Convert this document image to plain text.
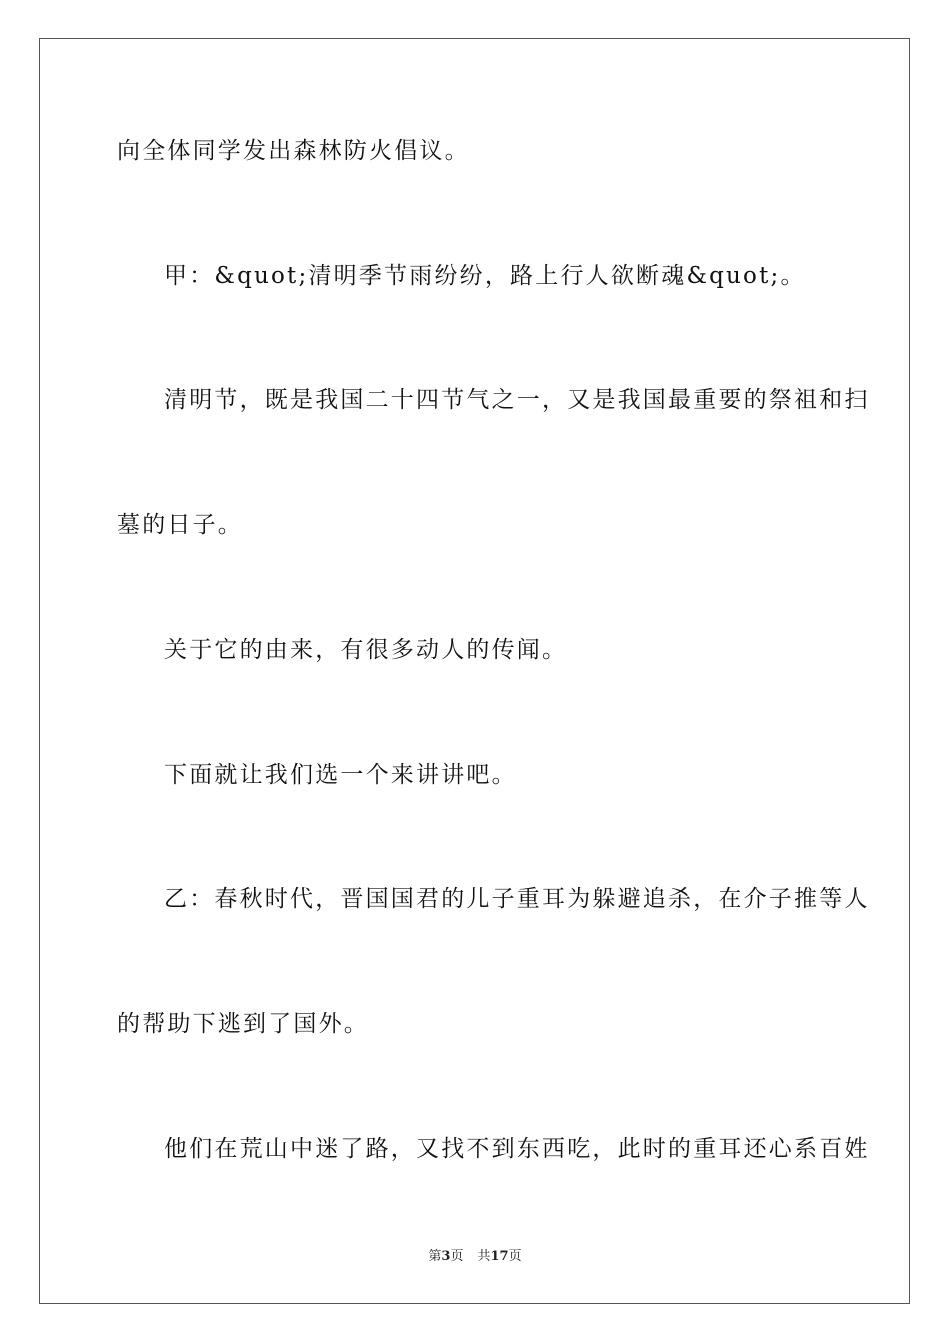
向全体同学发出森林防火倡议。
甲：&quot;清明季节雨纷纷，路上行人欲断魂&quot;。
清明节，既是我国二十四节气之一，又是我国最重要的祭祖和扫
墓的日子。
关于它的由来，有很多动人的传闻。
下面就让我们选一个来讲讲吧。
乙：春秋时代，晋国国君的儿子重耳为躲避追杀，在介子推等人
的帮助下逃到了国外。
他们在荒山中迷了路，又找不到东西吃，此时的重耳还心系百姓
第3页 共17页
